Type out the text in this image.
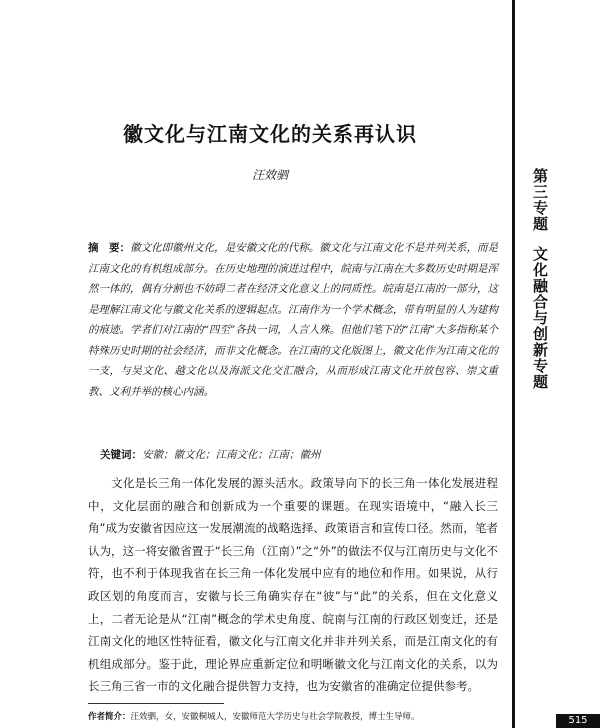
第三专题文化融合与创新专题
徽文化与江南文化的关系再认识
汪效驷

摘　要：徽文化即徽州文化，是安徽文化的代称。徽文化与江南文化不是并列关系，而是江南文化的有机组成部分。在历史地理的演进过程中，皖南与江南在大多数历史时期是浑然一体的，偶有分割也不妨碍二者在经济文化意义上的同质性。皖南是江南的一部分，这是理解江南文化与徽文化关系的逻辑起点。江南作为一个学术概念，带有明显的人为建构的痕迹。学者们对江南的“四至”各执一词，人言人殊。但他们笔下的“江南”大多指称某个特殊历史时期的社会经济，而非文化概念。在江南的文化版图上，徽文化作为江南文化的一支，与吴文化、越文化以及海派文化交汇融合，从而形成江南文化开放包容、崇文重教、义利并举的核心内涵。

关键词：安徽；徽文化；江南文化；江南；徽州

文化是长三角一体化发展的源头活水。政策导向下的长三角一体化发展进程中，文化层面的融合和创新成为一个重要的课题。在现实语境中，“融入长三角”成为安徽省因应这一发展潮流的战略选择、政策语言和宣传口径。然而，笔者认为，这一将安徽省置于“长三角（江南）”之“外”的做法不仅与江南历史与文化不符，也不利于体现我省在长三角一体化发展中应有的地位和作用。如果说，从行政区划的角度而言，安徽与长三角确实存在“彼”与“此”的关系，但在文化意义上，二者无论是从“江南”概念的学术史角度、皖南与江南的行政区划变迁，还是江南文化的地区性特征看，徽文化与江南文化并非并列关系，而是江南文化的有机组成部分。鉴于此，理论界应重新定位和明晰徽文化与江南文化的关系，以为长三角三省一市的文化融合提供智力支持，也为安徽省的准确定位提供参考。

作者简介：汪效驷，女，安徽桐城人，安徽师范大学历史与社会学院教授，博士生导师。	515
